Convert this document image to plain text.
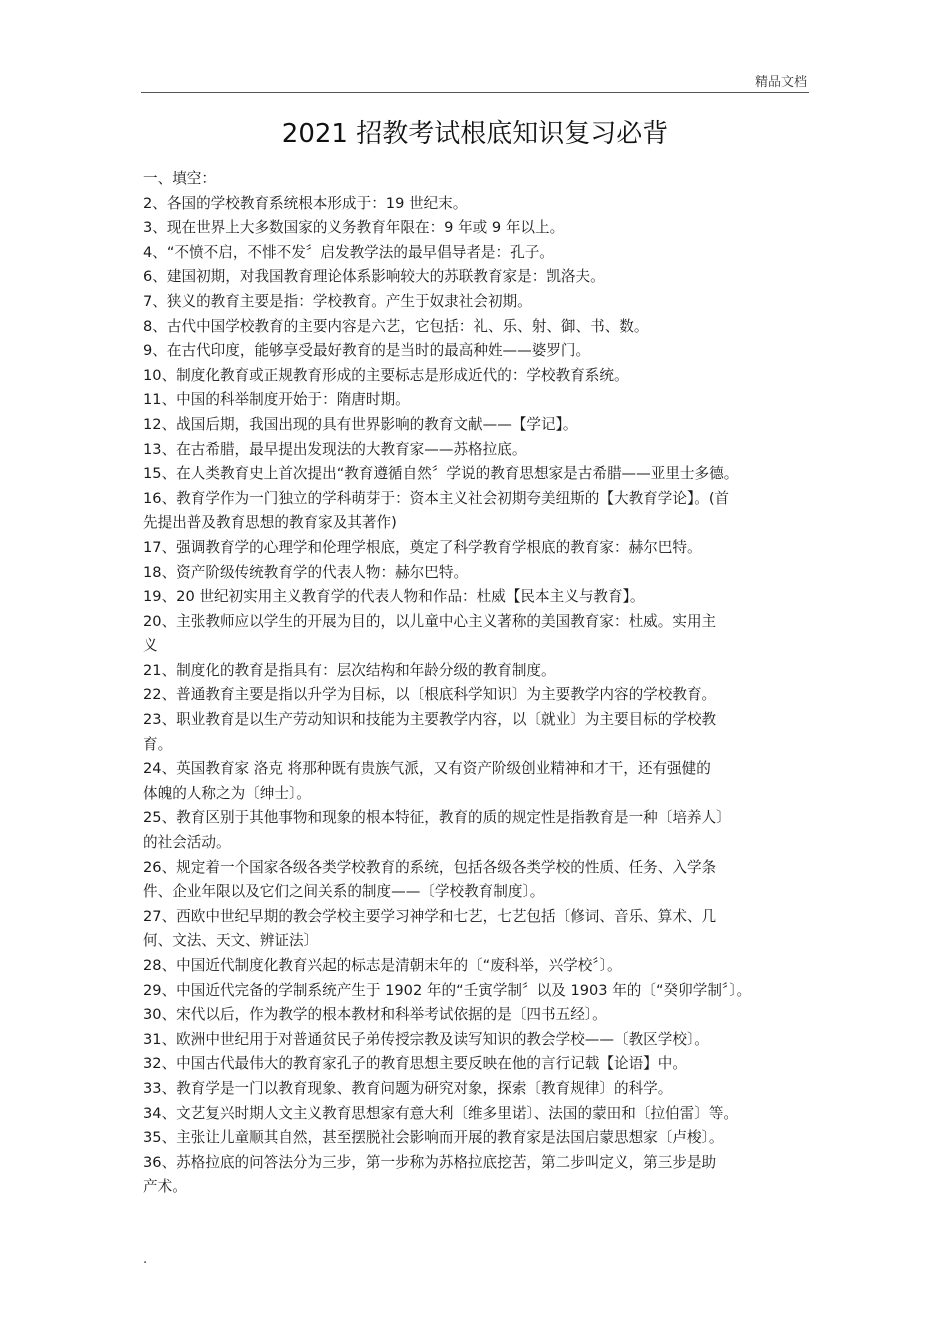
精品文档
2021 招教考试根底知识复习必背
一、填空：
2、各国的学校教育系统根本形成于：19 世纪末。
3、现在世界上大多数国家的义务教育年限在：9 年或 9 年以上。
4、“不愤不启，不悱不发〞启发教学法的最早倡导者是：孔子。
6、建国初期，对我国教育理论体系影响较大的苏联教育家是：凯洛夫。
7、狭义的教育主要是指：学校教育。产生于奴隶社会初期。
8、古代中国学校教育的主要内容是六艺，它包括：礼、乐、射、御、书、数。
9、在古代印度，能够享受最好教育的是当时的最高种姓——婆罗门。
10、制度化教育或正规教育形成的主要标志是形成近代的：学校教育系统。
11、中国的科举制度开始于：隋唐时期。
12、战国后期，我国出现的具有世界影响的教育文献——【学记】。
13、在古希腊，最早提出发现法的大教育家——苏格拉底。
15、在人类教育史上首次提出“教育遵循自然〞学说的教育思想家是古希腊——亚里士多德。
16、教育学作为一门独立的学科萌芽于：资本主义社会初期夸美纽斯的【大教育学论】。(首
先提出普及教育思想的教育家及其著作)
17、强调教育学的心理学和伦理学根底，奠定了科学教育学根底的教育家：赫尔巴特。
18、资产阶级传统教育学的代表人物：赫尔巴特。
19、20 世纪初实用主义教育学的代表人物和作品：杜威【民本主义与教育】。
20、主张教师应以学生的开展为目的，以儿童中心主义著称的美国教育家：杜威。实用主
义
21、制度化的教育是指具有：层次结构和年龄分级的教育制度。
22、普通教育主要是指以升学为目标，以〔根底科学知识〕为主要教学内容的学校教育。
23、职业教育是以生产劳动知识和技能为主要教学内容，以〔就业〕为主要目标的学校教
育。
24、英国教育家 洛克 将那种既有贵族气派，又有资产阶级创业精神和才干，还有强健的
体魄的人称之为〔绅士〕。
25、教育区别于其他事物和现象的根本特征，教育的质的规定性是指教育是一种〔培养人〕
的社会活动。
26、规定着一个国家各级各类学校教育的系统，包括各级各类学校的性质、任务、入学条
件、企业年限以及它们之间关系的制度——〔学校教育制度〕。
27、西欧中世纪早期的教会学校主要学习神学和七艺，七艺包括〔修词、音乐、算术、几
何、文法、天文、辨证法〕
28、中国近代制度化教育兴起的标志是清朝末年的〔“废科举，兴学校〞〕。
29、中国近代完备的学制系统产生于 1902 年的“壬寅学制〞以及 1903 年的〔“癸卯学制〞〕。
30、宋代以后，作为教学的根本教材和科举考试依据的是〔四书五经〕。
31、欧洲中世纪用于对普通贫民子弟传授宗教及读写知识的教会学校——〔教区学校〕。
32、中国古代最伟大的教育家孔子的教育思想主要反映在他的言行记载【论语】中。
33、教育学是一门以教育现象、教育问题为研究对象，探索〔教育规律〕的科学。
34、文艺复兴时期人文主义教育思想家有意大利〔维多里诺〕、法国的蒙田和〔拉伯雷〕等。
35、主张让儿童顺其自然，甚至摆脱社会影响而开展的教育家是法国启蒙思想家〔卢梭〕。
36、苏格拉底的问答法分为三步，第一步称为苏格拉底挖苦，第二步叫定义，第三步是助
产术。
.
